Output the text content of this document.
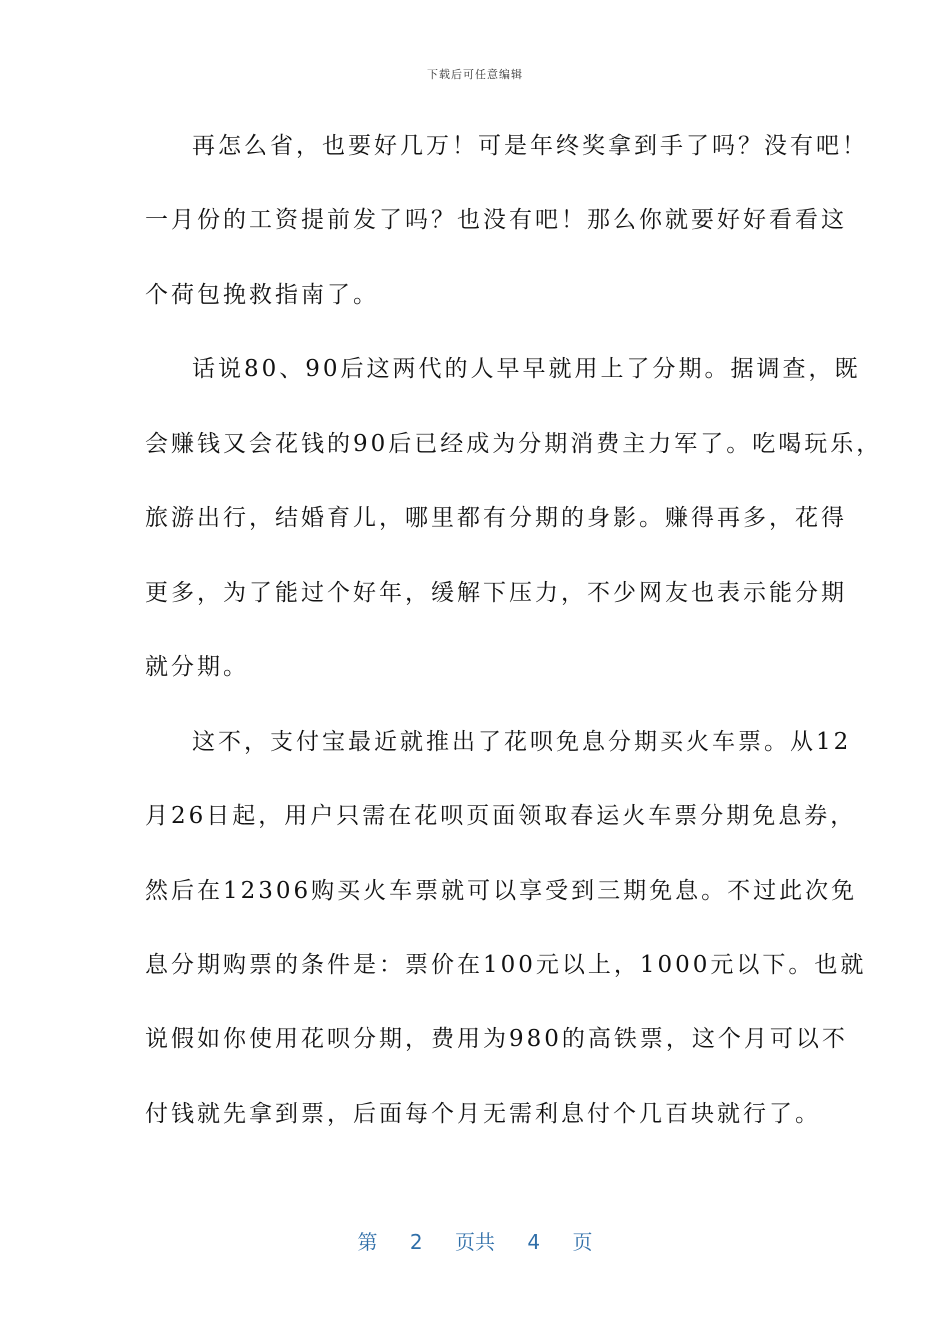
下载后可任意编辑
再怎么省，也要好几万！可是年终奖拿到手了吗？没有吧！
一月份的工资提前发了吗？也没有吧！那么你就要好好看看这
个荷包挽救指南了。
话说80、90后这两代的人早早就用上了分期。据调查，既
会赚钱又会花钱的90后已经成为分期消费主力军了。吃喝玩乐，
旅游出行，结婚育儿，哪里都有分期的身影。赚得再多，花得
更多，为了能过个好年，缓解下压力，不少网友也表示能分期
就分期。
这不，支付宝最近就推出了花呗免息分期买火车票。从12
月26日起，用户只需在花呗页面领取春运火车票分期免息券，
然后在12306购买火车票就可以享受到三期免息。不过此次免
息分期购票的条件是：票价在100元以上，1000元以下。也就
说假如你使用花呗分期，费用为980的高铁票，这个月可以不
付钱就先拿到票，后面每个月无需利息付个几百块就行了。
第 2 页共 4 页
